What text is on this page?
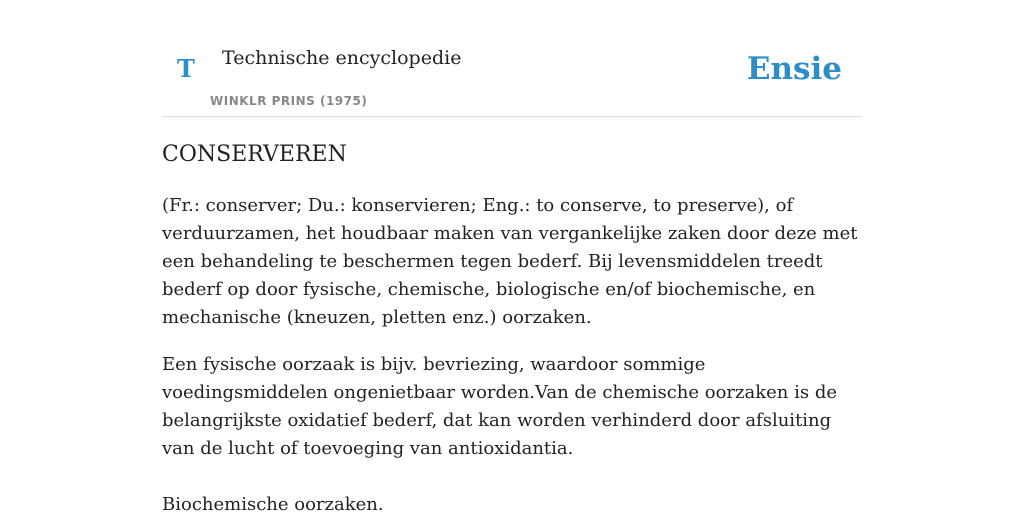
T Technische encyclopedie
WINKLR PRINS (1975)
Ensie
CONSERVEREN

(Fr.: conserver; Du.: konservieren; Eng.: to conserve, to preserve), of verduurzamen, het houdbaar maken van vergankelijke zaken door deze met een behandeling te beschermen tegen bederf. Bij levensmiddelen treedt bederf op door fysische, chemische, biologische en/of biochemische, en mechanische (kneuzen, pletten enz.) oorzaken.

Een fysische oorzaak is bijv. bevriezing, waardoor sommige voedingsmiddelen ongenietbaar worden.Van de chemische oorzaken is de belangrijkste oxidatief bederf, dat kan worden verhinderd door afsluiting van de lucht of toevoeging van antioxidantia.

Biochemische oorzaken.
